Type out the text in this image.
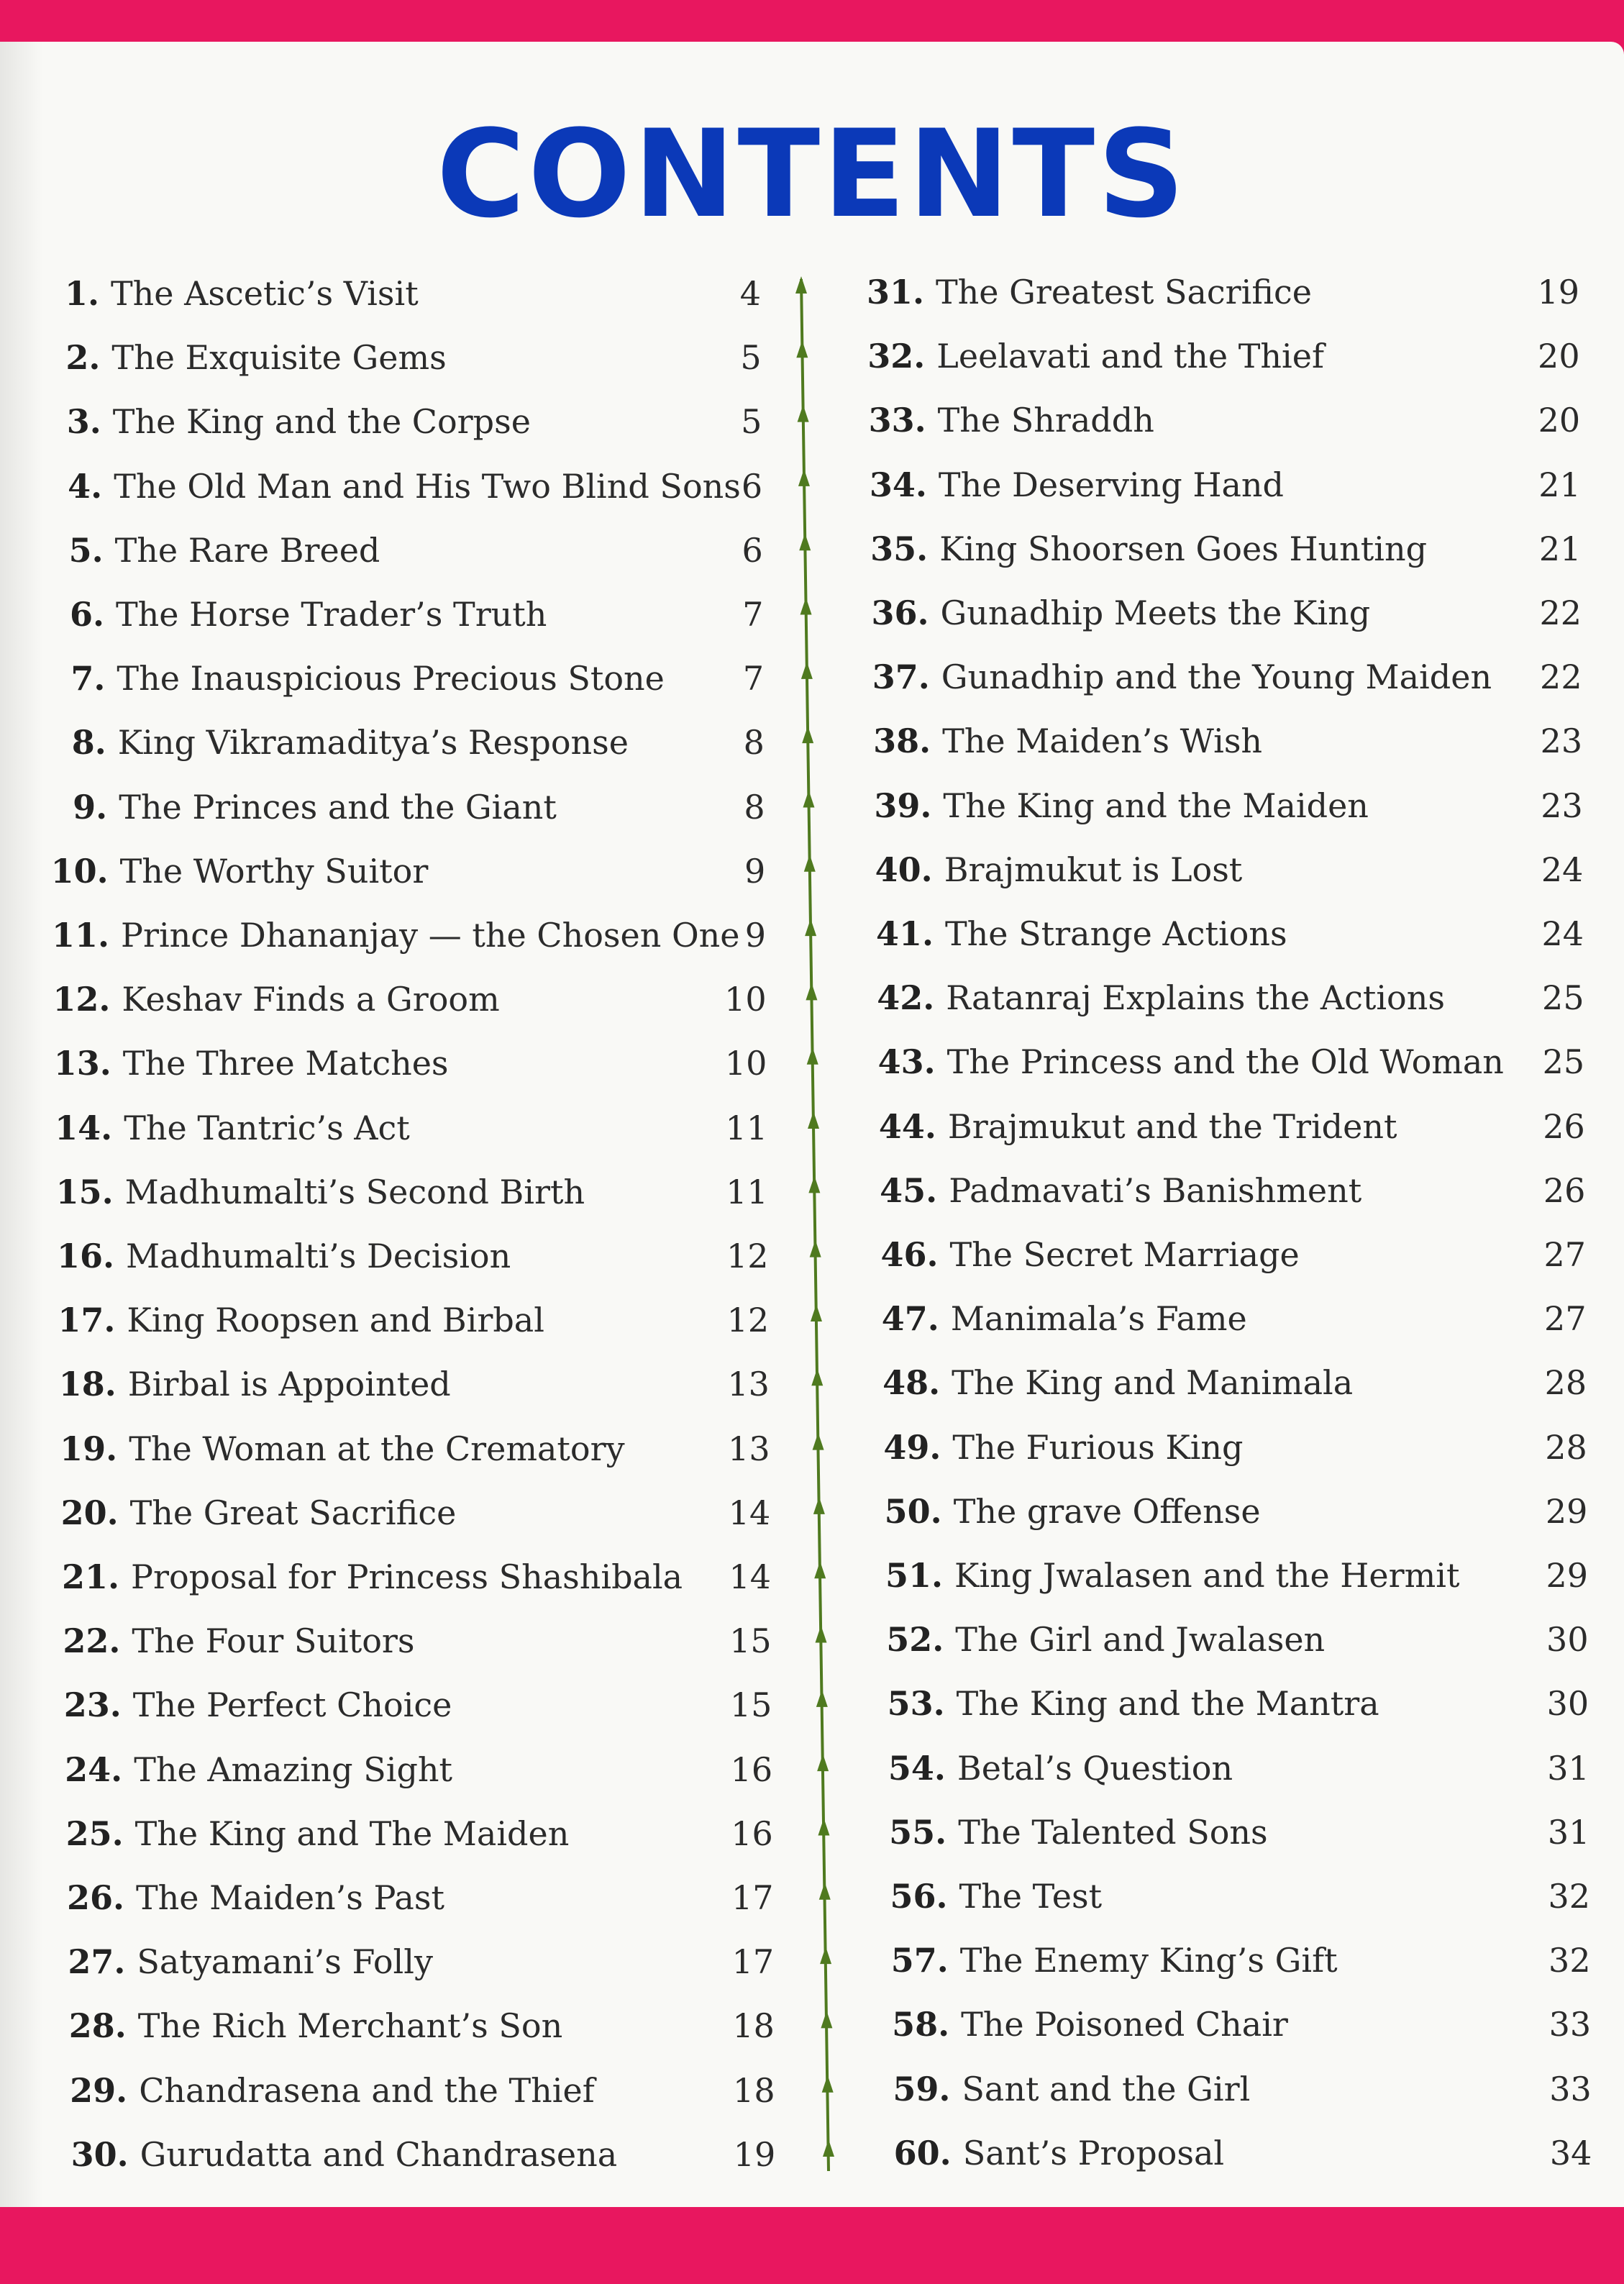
CONTENTS
1. The Ascetic’s Visit	4
2. The Exquisite Gems	5
3. The King and the Corpse	5
4. The Old Man and His Two Blind Sons 6
5. The Rare Breed	6
6. The Horse Trader’s Truth	7
7. The Inauspicious Precious Stone	7
8. King Vikramaditya’s Response	8
9. The Princes and the Giant	8
10. The Worthy Suitor	9
11. Prince Dhananjay — the Chosen One 9
12. Keshav Finds a Groom	10
13. The Three Matches	10
14. The Tantric’s Act	11
15. Madhumalti’s Second Birth	11
16. Madhumalti’s Decision	12
17. King Roopsen and Birbal	12
18. Birbal is Appointed	13
19. The Woman at the Crematory	13
20. The Great Sacrifice	14
21. Proposal for Princess Shashibala	14
22. The Four Suitors	15
23. The Perfect Choice	15
24. The Amazing Sight	16
25. The King and The Maiden	16
26. The Maiden’s Past	17
27. Satyamani’s Folly	17
28. The Rich Merchant’s Son	18
29. Chandrasena and the Thief	18
30. Gurudatta and Chandrasena	19
31. The Greatest Sacrifice	19
32. Leelavati and the Thief	20
33. The Shraddh	20
34. The Deserving Hand	21
35. King Shoorsen Goes Hunting	21
36. Gunadhip Meets the King	22
37. Gunadhip and the Young Maiden	22
38. The Maiden’s Wish	23
39. The King and the Maiden	23
40. Brajmukut is Lost	24
41. The Strange Actions	24
42. Ratanraj Explains the Actions	25
43. The Princess and the Old Woman	25
44. Brajmukut and the Trident	26
45. Padmavati’s Banishment	26
46. The Secret Marriage	27
47. Manimala’s Fame	27
48. The King and Manimala	28
49. The Furious King	28
50. The grave Offense	29
51. King Jwalasen and the Hermit	29
52. The Girl and Jwalasen	30
53. The King and the Mantra	30
54. Betal’s Question	31
55. The Talented Sons	31
56. The Test	32
57. The Enemy King’s Gift	32
58. The Poisoned Chair	33
59. Sant and the Girl	33
60. Sant’s Proposal	34
